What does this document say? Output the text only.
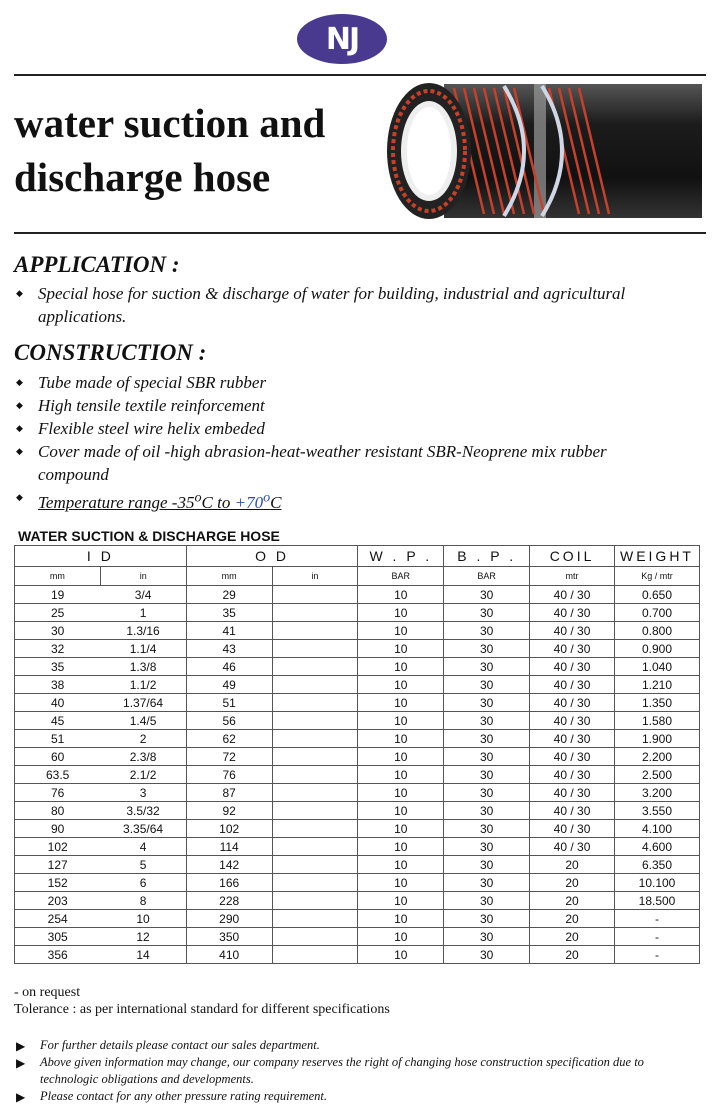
NJ
water suction and
discharge hose
APPLICATION :
◆ Special hose for suction & discharge of water for building, industrial and agricultural applications.
CONSTRUCTION :
◆ Tube made of special SBR rubber
◆ High tensile textile reinforcement
◆ Flexible steel wire helix embeded
◆ Cover made of oil -high abrasion-heat-weather resistant SBR-Neoprene mix rubber compound
◆ Temperature range -35$^o$C to $+70^oC$
WATER SUCTION & DISCHARGE HOSE
I D		O D		W . P .	B . P .	COIL	WEIGHT
mm	in	mm	in	BAR	BAR	mtr	Kg / mtr
19	3/4	29		10	30	40 / 30	0.650
25	1	35		10	30	40 / 30	0.700
30	1.3/16	41		10	30	40 / 30	0.800
32	1.1/4	43		10	30	40 / 30	0.900
35	1.3/8	46		10	30	40 / 30	1.040
38	1.1/2	49		10	30	40 / 30	1.210
40	1.37/64	51		10	30	40 / 30	1.350
45	1.4/5	56		10	30	40 / 30	1.580
51	2	62		10	30	40 / 30	1.900
60	2.3/8	72		10	30	40 / 30	2.200
63.5	2.1/2	76		10	30	40 / 30	2.500
76	3	87		10	30	40 / 30	3.200
80	3.5/32	92		10	30	40 / 30	3.550
90	3.35/64	102		10	30	40 / 30	4.100
102	4	114		10	30	40 / 30	4.600
127	5	142		10	30	20	6.350
152	6	166		10	30	20	10.100
203	8	228		10	30	20	18.500
254	10	290		10	30	20	-
305	12	350		10	30	20	-
356	14	410		10	30	20	-
- on request
Tolerance : as per international standard for different specifications

▶ For further details please contact our sales department.

▶ Above given information may change, our company reserves the right of changing hose construction specification due to technologic obligations and developments.

▶ Please contact for any other pressure rating requirement.
